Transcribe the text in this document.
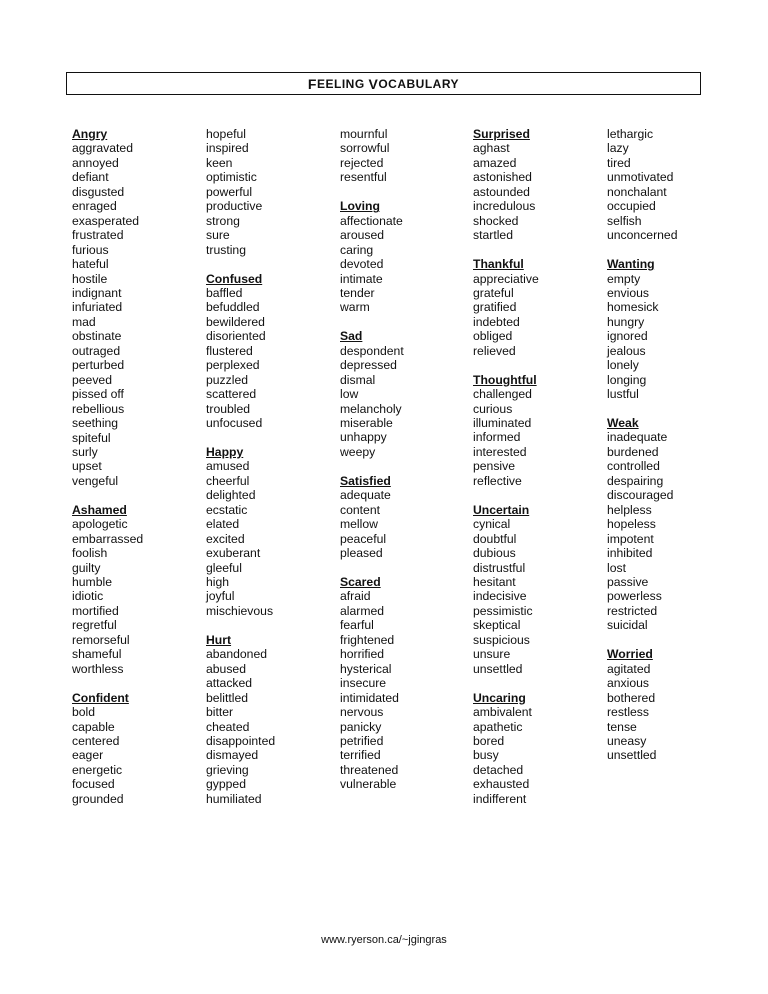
F EELING
V OCABULARY
Angry
aggravated
annoyed
defiant
disgusted
enraged
exasperated
frustrated
furious
hateful
hostile
indignant
infuriated
mad
obstinate
outraged
perturbed
peeved
pissed off
rebellious
seething
spiteful
surly
upset
vengeful
Ashamed
apologetic
embarrassed
foolish
guilty
humble
idiotic
mortified
regretful
remorseful
shameful
worthless
Confident
bold
capable
centered
eager
energetic
focused
grounded
hopeful
inspired
keen
optimistic
powerful
productive
strong
sure
trusting
Confused
baffled
befuddled
bewildered
disoriented
flustered
perplexed
puzzled
scattered
troubled
unfocused
Happy
amused
cheerful
delighted
ecstatic
elated
excited
exuberant
gleeful
high
joyful
mischievous
Hurt
abandoned
abused
attacked
belittled
bitter
cheated
disappointed
dismayed
grieving
gypped
humiliated
mournful
sorrowful
rejected
resentful
Loving
affectionate
aroused
caring
devoted
intimate
tender
warm
Sad
despondent
depressed
dismal
low
melancholy
miserable
unhappy
weepy
Satisfied
adequate
content
mellow
peaceful
pleased
Scared
afraid
alarmed
fearful
frightened
horrified
hysterical
insecure
intimidated
nervous
panicky
petrified
terrified
threatened
vulnerable
Surprised
aghast
amazed
astonished
astounded
incredulous
shocked
startled
Thankful
appreciative
grateful
gratified
indebted
obliged
relieved
Thoughtful
challenged
curious
illuminated
informed
interested
pensive
reflective
Uncertain
cynical
doubtful
dubious
distrustful
hesitant
indecisive
pessimistic
skeptical
suspicious
unsure
unsettled
Uncaring
ambivalent
apathetic
bored
busy
detached
exhausted
indifferent
lethargic
lazy
tired
unmotivated
nonchalant
occupied
selfish
unconcerned
Wanting
empty
envious
homesick
hungry
ignored
jealous
lonely
longing
lustful
Weak
inadequate
burdened
controlled
despairing
discouraged
helpless
hopeless
impotent
inhibited
lost
passive
powerless
restricted
suicidal
Worried
agitated
anxious
bothered
restless
tense
uneasy
unsettled
www.ryerson.ca/~jgingras
